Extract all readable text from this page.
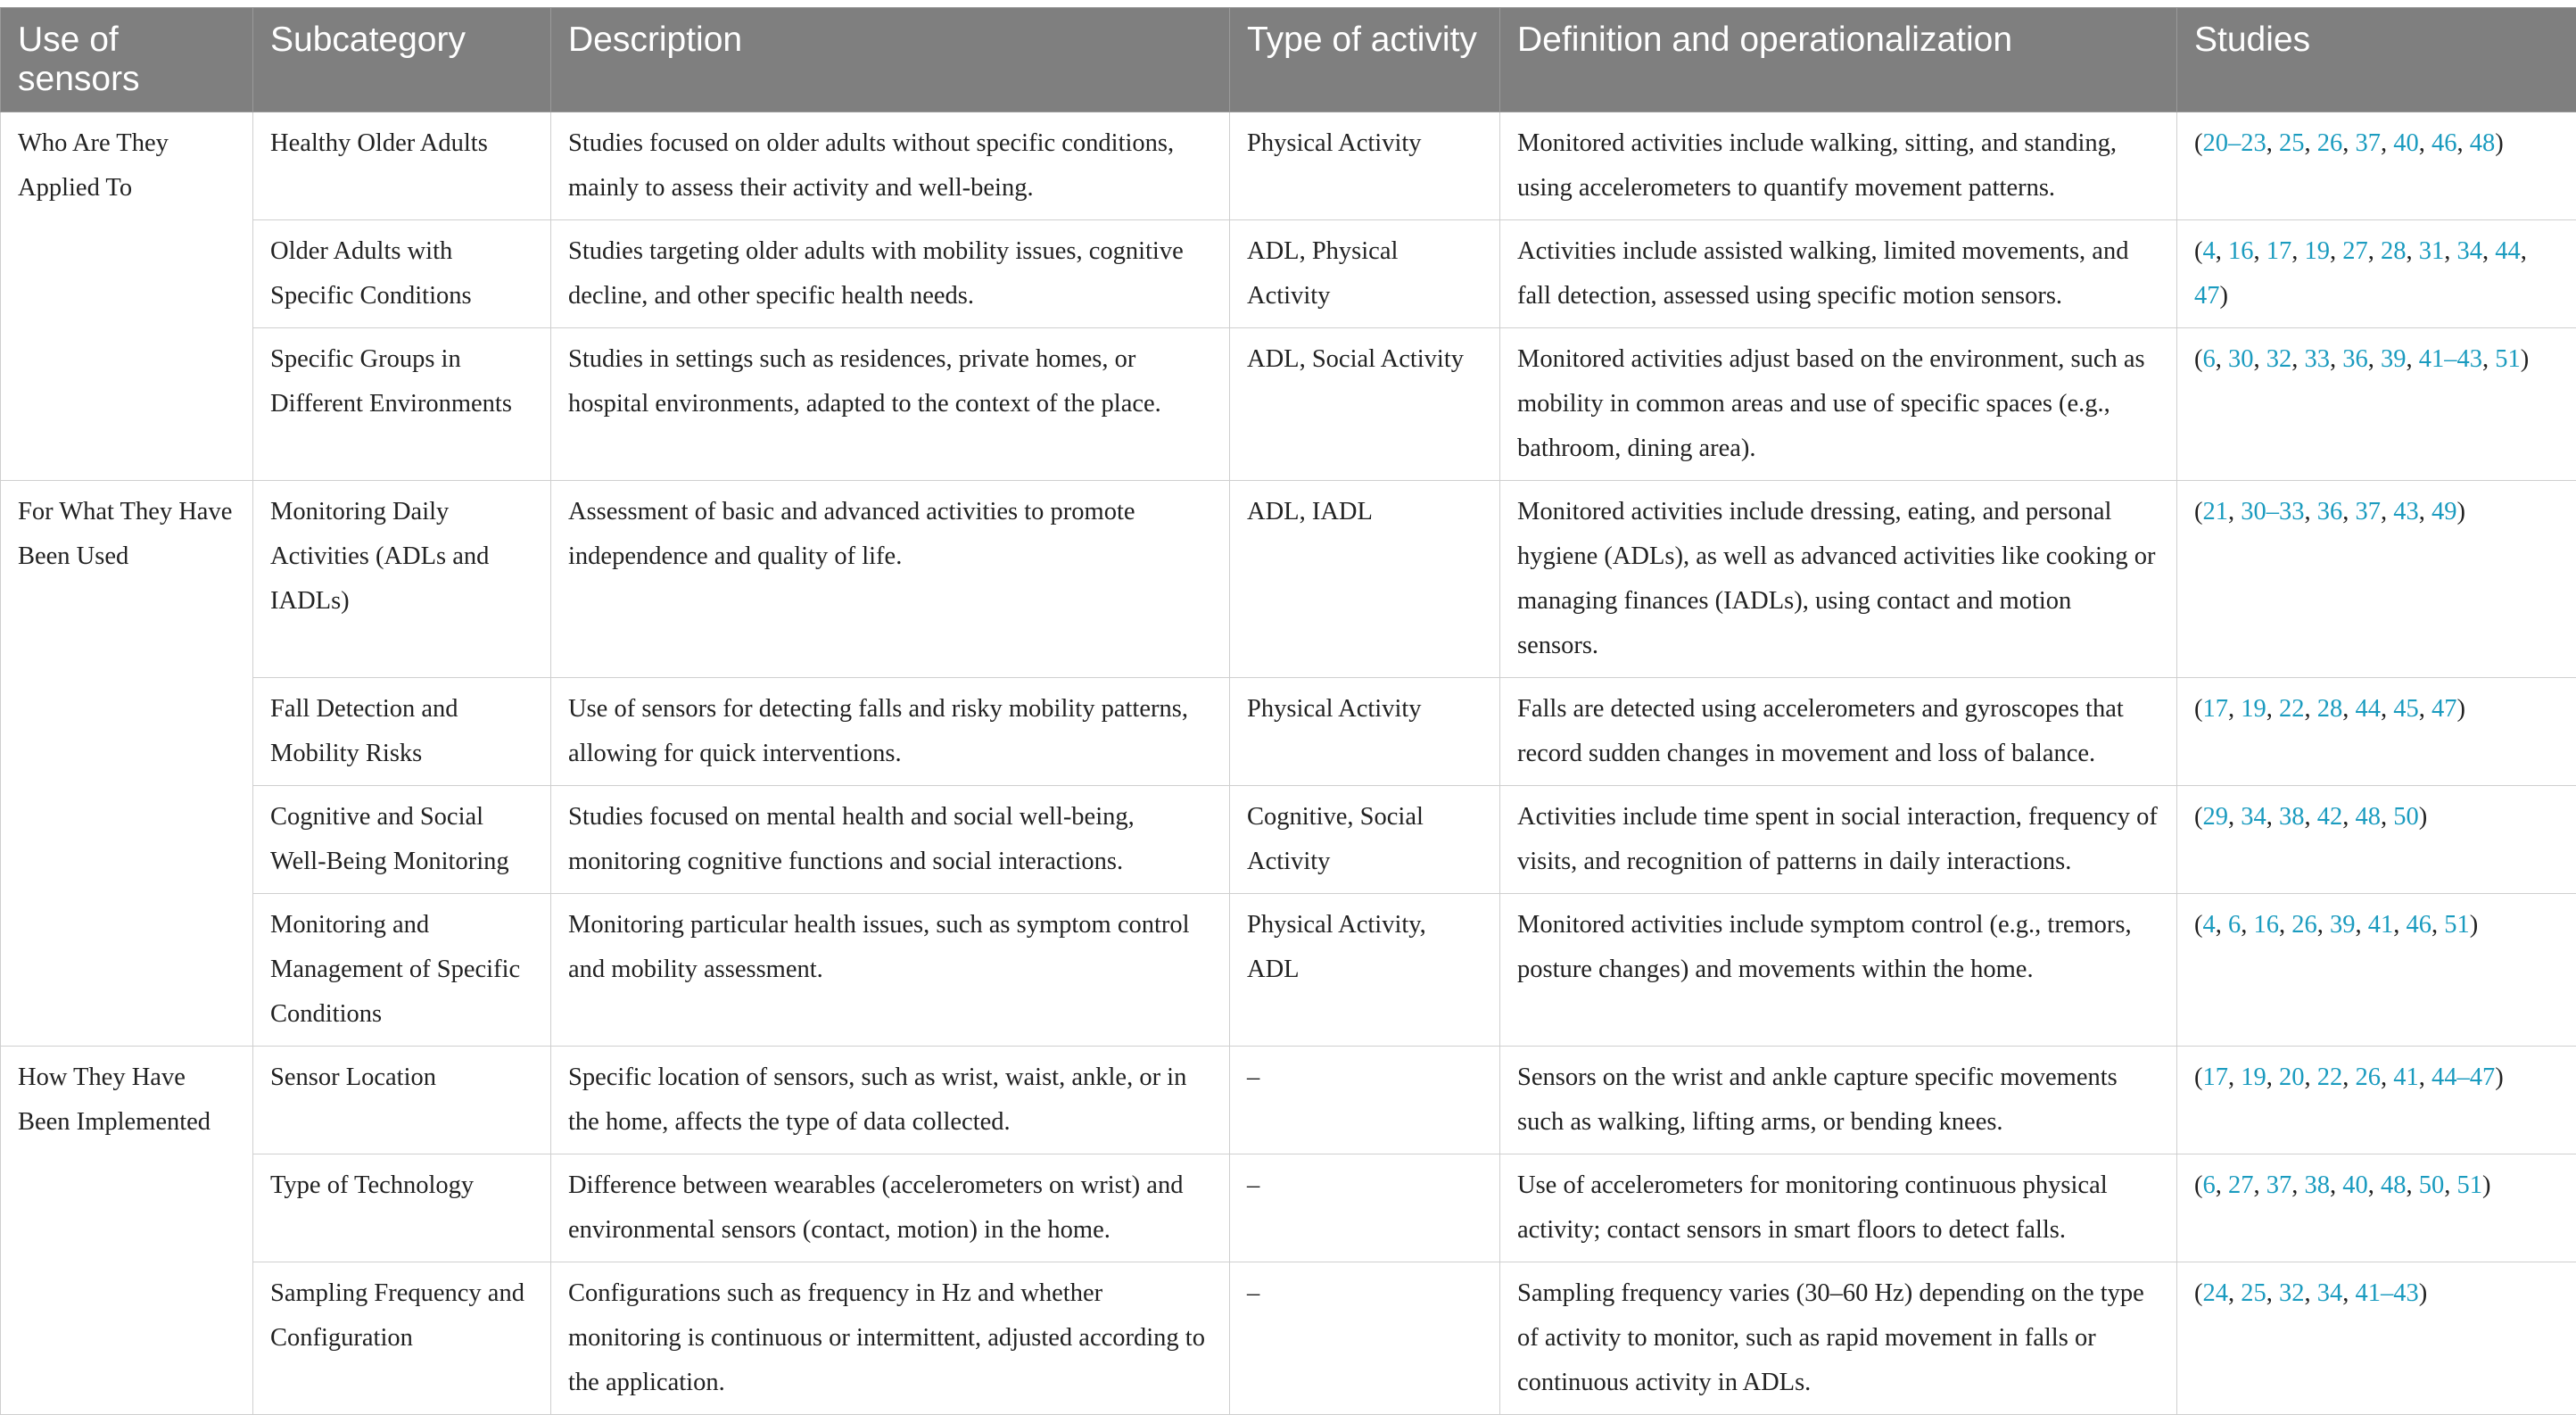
Use of sensors	Subcategory	Description	Type of activity	Definition and operationalization	Studies
Who Are They Applied To	Healthy Older Adults	Studies focused on older adults without specific conditions, mainly to assess their activity and well-being.	Physical Activity	Monitored activities include walking, sitting, and standing, using accelerometers to quantify movement patterns.	(20–23, 25, 26, 37, 40, 46, 48)
	Older Adults with Specific Conditions	Studies targeting older adults with mobility issues, cognitive decline, and other specific health needs.	ADL, Physical Activity	Activities include assisted walking, limited movements, and fall detection, assessed using specific motion sensors.	(4, 16, 17, 19, 27, 28, 31, 34, 44, 47)
	Specific Groups in Different Environments	Studies in settings such as residences, private homes, or hospital environments, adapted to the context of the place.	ADL, Social Activity	Monitored activities adjust based on the environment, such as mobility in common areas and use of specific spaces (e.g., bathroom, dining area).	(6, 30, 32, 33, 36, 39, 41–43, 51)
For What They Have Been Used	Monitoring Daily Activities (ADLs and IADLs)	Assessment of basic and advanced activities to promote independence and quality of life.	ADL, IADL	Monitored activities include dressing, eating, and personal hygiene (ADLs), as well as advanced activities like cooking or managing finances (IADLs), using contact and motion sensors.	(21, 30–33, 36, 37, 43, 49)
	Fall Detection and Mobility Risks	Use of sensors for detecting falls and risky mobility patterns, allowing for quick interventions.	Physical Activity	Falls are detected using accelerometers and gyroscopes that record sudden changes in movement and loss of balance.	(17, 19, 22, 28, 44, 45, 47)
	Cognitive and Social Well-Being Monitoring	Studies focused on mental health and social well-being, monitoring cognitive functions and social interactions.	Cognitive, Social Activity	Activities include time spent in social interaction, frequency of visits, and recognition of patterns in daily interactions.	(29, 34, 38, 42, 48, 50)
	Monitoring and Management of Specific Conditions	Monitoring particular health issues, such as symptom control and mobility assessment.	Physical Activity, ADL	Monitored activities include symptom control (e.g., tremors, posture changes) and movements within the home.	(4, 6, 16, 26, 39, 41, 46, 51)
How They Have Been Implemented	Sensor Location	Specific location of sensors, such as wrist, waist, ankle, or in the home, affects the type of data collected.	–	Sensors on the wrist and ankle capture specific movements such as walking, lifting arms, or bending knees.	(17, 19, 20, 22, 26, 41, 44–47)
	Type of Technology	Difference between wearables (accelerometers on wrist) and environmental sensors (contact, motion) in the home.	–	Use of accelerometers for monitoring continuous physical activity; contact sensors in smart floors to detect falls.	(6, 27, 37, 38, 40, 48, 50, 51)
	Sampling Frequency and Configuration	Configurations such as frequency in Hz and whether monitoring is continuous or intermittent, adjusted according to the application.	–	Sampling frequency varies (30–60 Hz) depending on the type of activity to monitor, such as rapid movement in falls or continuous activity in ADLs.	(24, 25, 32, 34, 41–43)
